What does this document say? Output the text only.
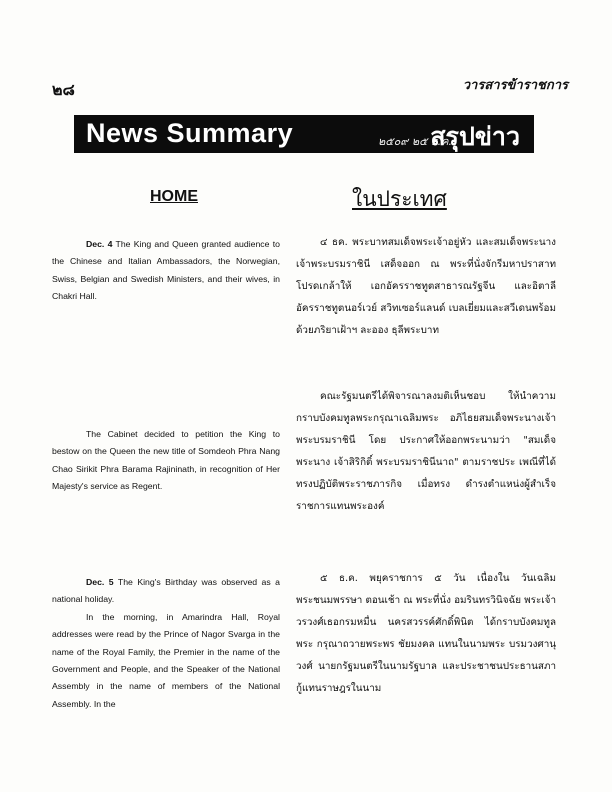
๒๘	วารสารข้าราชการ
News Summary	๒๕๐๙ ๒๕ ธ.ค.
สรุปข่าว
HOME	ในประเทศ

Dec. 4 The King and Queen granted audience to the Chinese and Italian Ambassadors, the Norwegian, Swiss, Belgian and Swedish Ministers, and their wives, in Chakri Hall.

The Cabinet decided to petition the King to bestow on the Queen the new title of Somdeoh Phra Nang Chao Sirikit Phra Barama Rajininath, in recognition of Her Majesty's service as Regent.

Dec. 5 The King's Birthday was observed as a national holiday.

In the morning, in Amarindra Hall, Royal addresses were read by the Prince of Nagor Svarga in the name of the Royal Family, the Premier in the name of the Government and People, and the Speaker of the National Assembly in the name of members of the National Assembly. In the

๔ ธค. พระบาทสมเด็จพระเจ้าอยู่หัว และสมเด็จพระนางเจ้าพระบรมราชินี เสด็จออก ณ พระที่นั่งจักรีมหาปราสาท โปรดเกล้าให้ เอกอัครราชทูตสาธารณรัฐจีน และอิตาลี อัครราชทูตนอร์เวย์ สวิทเซอร์แลนด์ เบลเยี่ยมและสวีเดนพร้อมด้วยภริยาเฝ้าฯ ละออง ธุลีพระบาท

คณะรัฐมนตรีได้พิจารณาลงมติเห็นชอบ ให้นำความกราบบังคมทูลพระกรุณาเฉลิมพระ อภิไธยสมเด็จพระนางเจ้า พระบรมราชินี โดย ประกาศให้ออกพระนามว่า "สมเด็จพระนาง เจ้าสิริกิติ์ พระบรมราชินีนาถ" ตามราชประ เพณีที่ได้ทรงปฏิบัติพระราชภารกิจ เมื่อทรง ดำรงตำแหน่งผู้สำเร็จราชการแทนพระองค์

๕ ธ.ค. พยุคราชการ ๕ วัน เนื่องใน วันเฉลิมพระชนมพรรษา ตอนเช้า ณ พระที่นั่ง อมรินทรวินิจฉัย พระเจ้าวรวงศ์เธอกรมหมื่น นครสวรรค์ศักดิ์พินิต ได้กราบบังคมทูลพระ กรุณาถวายพระพร ชัยมงคล แทนในนามพระ บรมวงศานุวงศ์ นายกรัฐมนตรีในนามรัฐบาล และประชาชนประธานสภากู้แทนราษฎรในนาม
